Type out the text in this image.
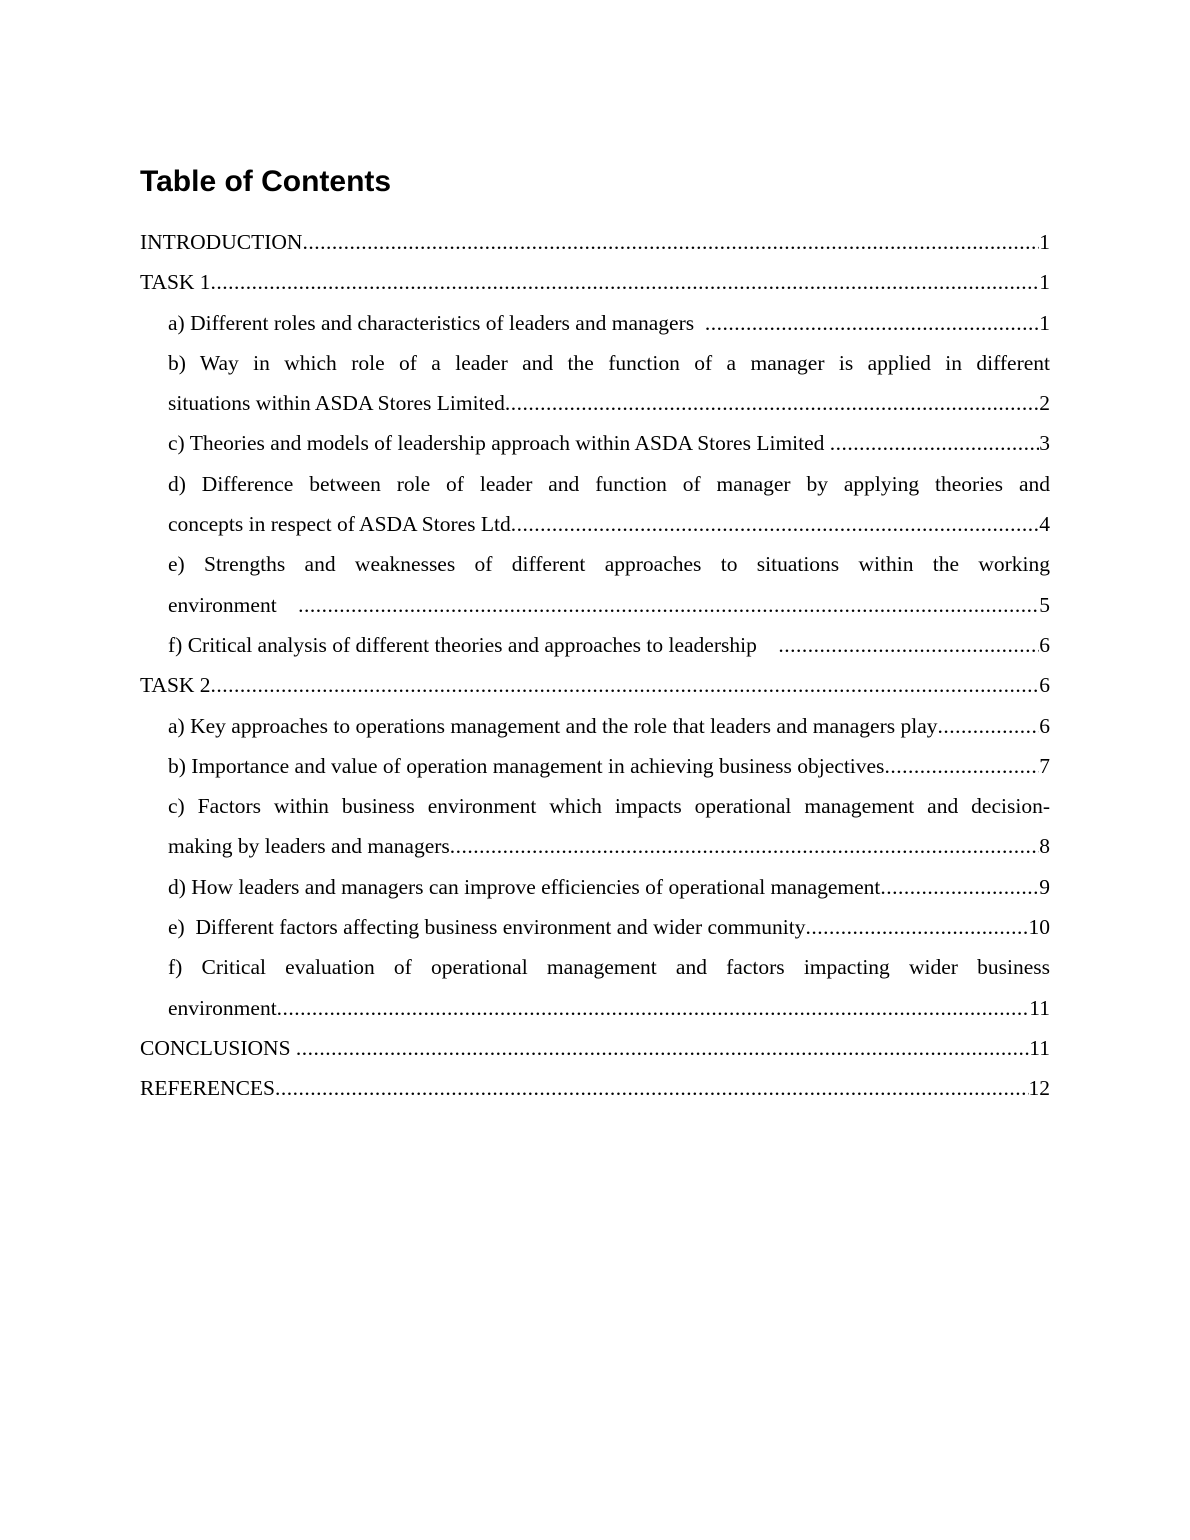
Table of Contents
INTRODUCTION .....	1
TASK 1 .....	1
a) Different roles and characteristics of leaders and managers .....	1
b) Way in which role of a leader and the function of a manager is applied in different
situations within ASDA Stores Limited .....	2
c) Theories and models of leadership approach within ASDA Stores Limited .....	3
d) Difference between role of leader and function of manager by applying theories and
concepts in respect of ASDA Stores Ltd .....	4
e) Strengths and weaknesses of different approaches to situations within the working
environment .....	5
f) Critical analysis of different theories and approaches to leadership .....	6
TASK 2 .....	6
a) Key approaches to operations management and the role that leaders and managers play .....	6
b) Importance and value of operation management in achieving business objectives .....	7
c) Factors within business environment which impacts operational management and decision-
making by leaders and managers .....	8
d) How leaders and managers can improve efficiencies of operational management .....	9
e)  Different factors affecting business environment and wider community .....	10
f) Critical evaluation of operational management and factors impacting wider business
environment .....	11
CONCLUSIONS .....	11
REFERENCES .....	12
